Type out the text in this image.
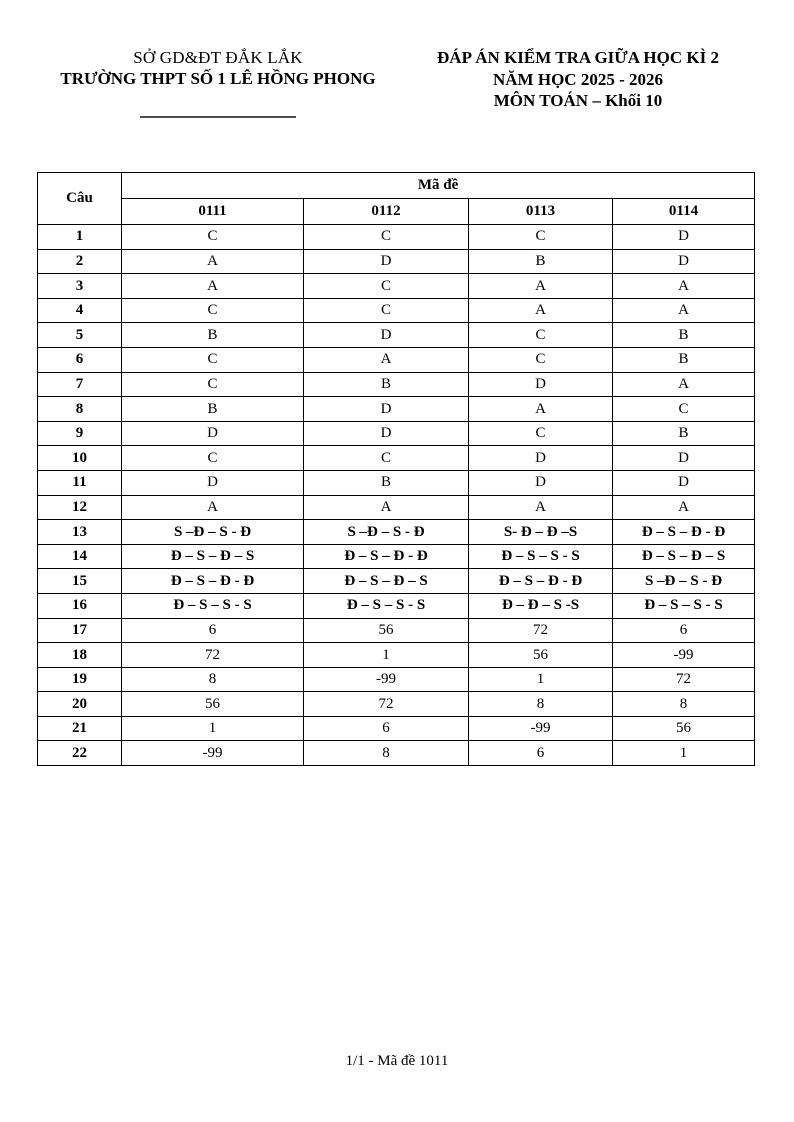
SỞ GD&ĐT ĐẮK LẮK
TRƯỜNG THPT SỐ 1 LÊ HỒNG PHONG
ĐÁP ÁN KIỂM TRA GIỮA HỌC KÌ 2
NĂM HỌC 2025 - 2026
MÔN TOÁN – Khối 10
Câu	Mã đề			
	0111	0112	0113	0114
1	C	C	C	D
2	A	D	B	D
3	A	C	A	A
4	C	C	A	A
5	B	D	C	B
6	C	A	C	B
7	C	B	D	A
8	B	D	A	C
9	D	D	C	B
10	C	C	D	D
11	D	B	D	D
12	A	A	A	A
13	S –Đ – S - Đ	S –Đ – S - Đ	S- Đ – Đ –S	Đ – S – Đ - Đ
14	Đ – S – Đ – S	Đ – S – Đ - Đ	Đ – S – S - S	Đ – S – Đ – S
15	Đ – S – Đ - Đ	Đ – S – Đ – S	Đ – S – Đ - Đ	S –Đ – S - Đ
16	Đ – S – S - S	Đ – S – S - S	Đ – Đ – S -S	Đ – S – S - S
17	6	56	72	6
18	72	1	56	-99
19	8	-99	1	72
20	56	72	8	8
21	1	6	-99	56
22	-99	8	6	1
1/1 - Mã đề 1011
